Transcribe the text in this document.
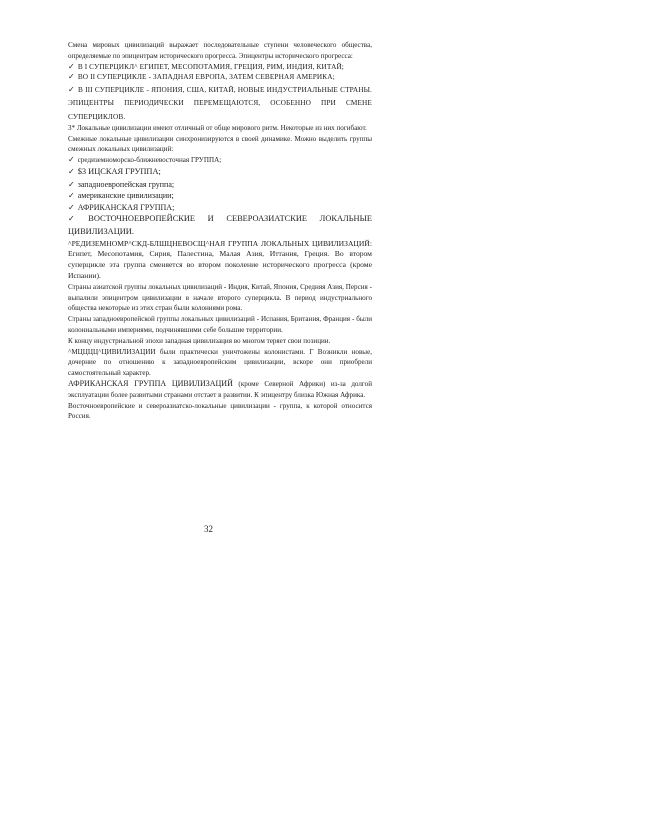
Смена мировых цивилизаций выражает последовательные ступени человеческого общества, определяемые по эпицентрам исторического прогресса. Эпицентры исторического прогресса:

✓ В I СУПЕРЦИКЛ^ ЕГИПЕТ, МЕСОПОТАМИЯ, ГРЕЦИЯ, РИМ, ИНДИЯ, КИТАЙ;

✓ ВО II СУПЕРЦИКЛЕ - ЗАПАДНАЯ ЕВРОПА, ЗАТЕМ СЕВЕРНАЯ АМЕРИКА;

✓ В III СУПЕРЦИКЛЕ - ЯПОНИЯ, США, КИТАЙ, НОВЫЕ ИНДУСТРИАЛЬНЫЕ СТРАНЫ. ЭПИЦЕНТРЫ ПЕРИОДИЧЕСКИ ПЕРЕМЕЩАЮТСЯ, ОСОБЕННО ПРИ СМЕНЕ СУПЕРЦИКЛОВ.

3* Локальные цивилизации имеют отличный от обще мирового ритм. Некоторые из них погибают.

Смежные локальные цивилизации синхронизируются в своей динамике. Можно выделить группы смежных локальных цивилизаций:

✓ средиземноморско-ближневосточная ГРУППА;

✓ $3 ИЦСКАЯ ГРУППА;

✓ западноевропейская группа;

✓ американские цивилизации;

✓ АФРИКАНСКАЯ ГРУППА;

✓ ВОСТОЧНОЕВРОПЕЙСКИЕ И СЕВЕРОАЗИАТСКИЕ ЛОКАЛЬНЫЕ ЦИВИЛИЗАЦИИ.

^РЕДИЗЕМНОМР^СКД-БЛШЦНЕВОСЩ^НАЯ ГРУППА ЛОКАЛЬНЫХ ЦИВИЛИЗАЦИЙ: Египет, Месопотамия, Сирия, Палестина, Малая Азия, Иттания, Греция. Во втором суперцикле эта группа сменяется во втором поколение исторического прогресса (кроме Испании).

Страны азиатской группы локальных цивилизаций - Индия, Китай, Япония, Средняя Азия, Персия - выпалили эпицентром цивилизации в начале второго суперцикла. В период индустриального общества некоторые из этих стран были колониями рома.

Страны западноевропейской группы локальных цивилизаций - Испания, Британия, Франция - были колониальными империями, подчинявшими себе большие территории.

К концу индустриальной эпохи западная цивилизация во многом теряет свои позиции.

^МЦЦЦЦ^ЦИВИЛИЗАЦИИ были практически уничтожены колонистами. Г Возникли новые, дочерние по отношению к западноевропейским цивилизации, вскоре они приобрели самостоятельный характер.

АФРИКАНСКАЯ ГРУППА ЦИВИЛИЗАЦИЙ (кроме Северной Африки) из-за долгой эксплуатации более развитыми странами отстает в развитии. К эпицентру близка Южная Африка.

Восточноевропейские и североазиатско-локальные цивилизации - группа, к которой относится Россия.

32
